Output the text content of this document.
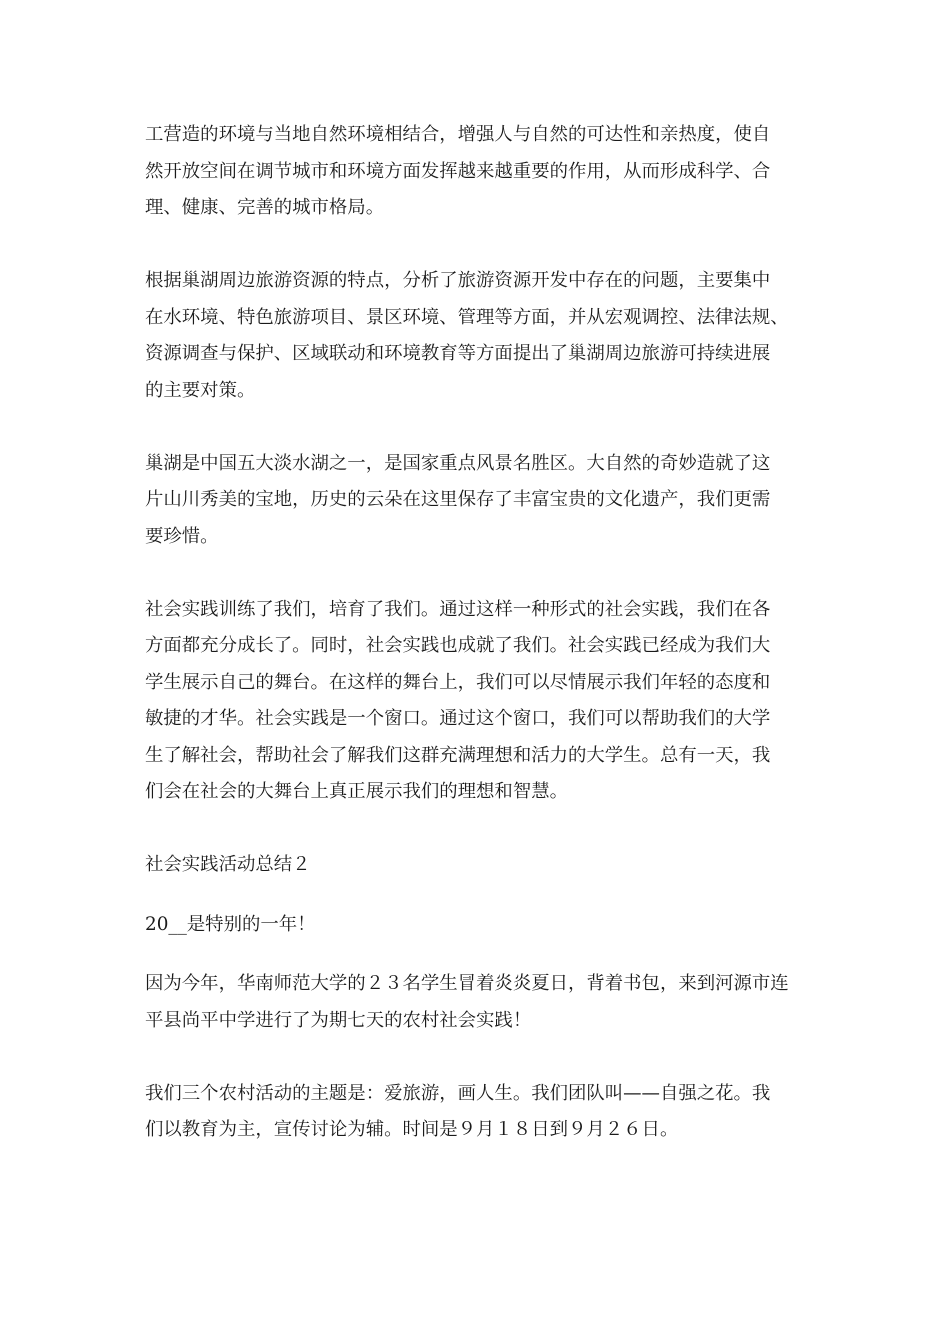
工营造的环境与当地自然环境相结合，增强人与自然的可达性和亲热度，使自
然开放空间在调节城市和环境方面发挥越来越重要的作用，从而形成科学、合
理、健康、完善的城市格局。

根据巢湖周边旅游资源的特点，分析了旅游资源开发中存在的问题，主要集中
在水环境、特色旅游项目、景区环境、管理等方面，并从宏观调控、法律法规、
资源调查与保护、区域联动和环境教育等方面提出了巢湖周边旅游可持续进展
的主要对策。

巢湖是中国五大淡水湖之一，是国家重点风景名胜区。大自然的奇妙造就了这
片山川秀美的宝地，历史的云朵在这里保存了丰富宝贵的文化遗产，我们更需
要珍惜。

社会实践训练了我们，培育了我们。通过这样一种形式的社会实践，我们在各
方面都充分成长了。同时，社会实践也成就了我们。社会实践已经成为我们大
学生展示自己的舞台。在这样的舞台上，我们可以尽情展示我们年轻的态度和
敏捷的才华。社会实践是一个窗口。通过这个窗口，我们可以帮助我们的大学
生了解社会，帮助社会了解我们这群充满理想和活力的大学生。总有一天，我
们会在社会的大舞台上真正展示我们的理想和智慧。

社会实践活动总结２

20__是特别的一年！

因为今年，华南师范大学的２３名学生冒着炎炎夏日，背着书包，来到河源市连
平县尚平中学进行了为期七天的农村社会实践！

我们三个农村活动的主题是：爱旅游，画人生。我们团队叫——自强之花。我
们以教育为主，宣传讨论为辅。时间是９月１８日到９月２６日。
